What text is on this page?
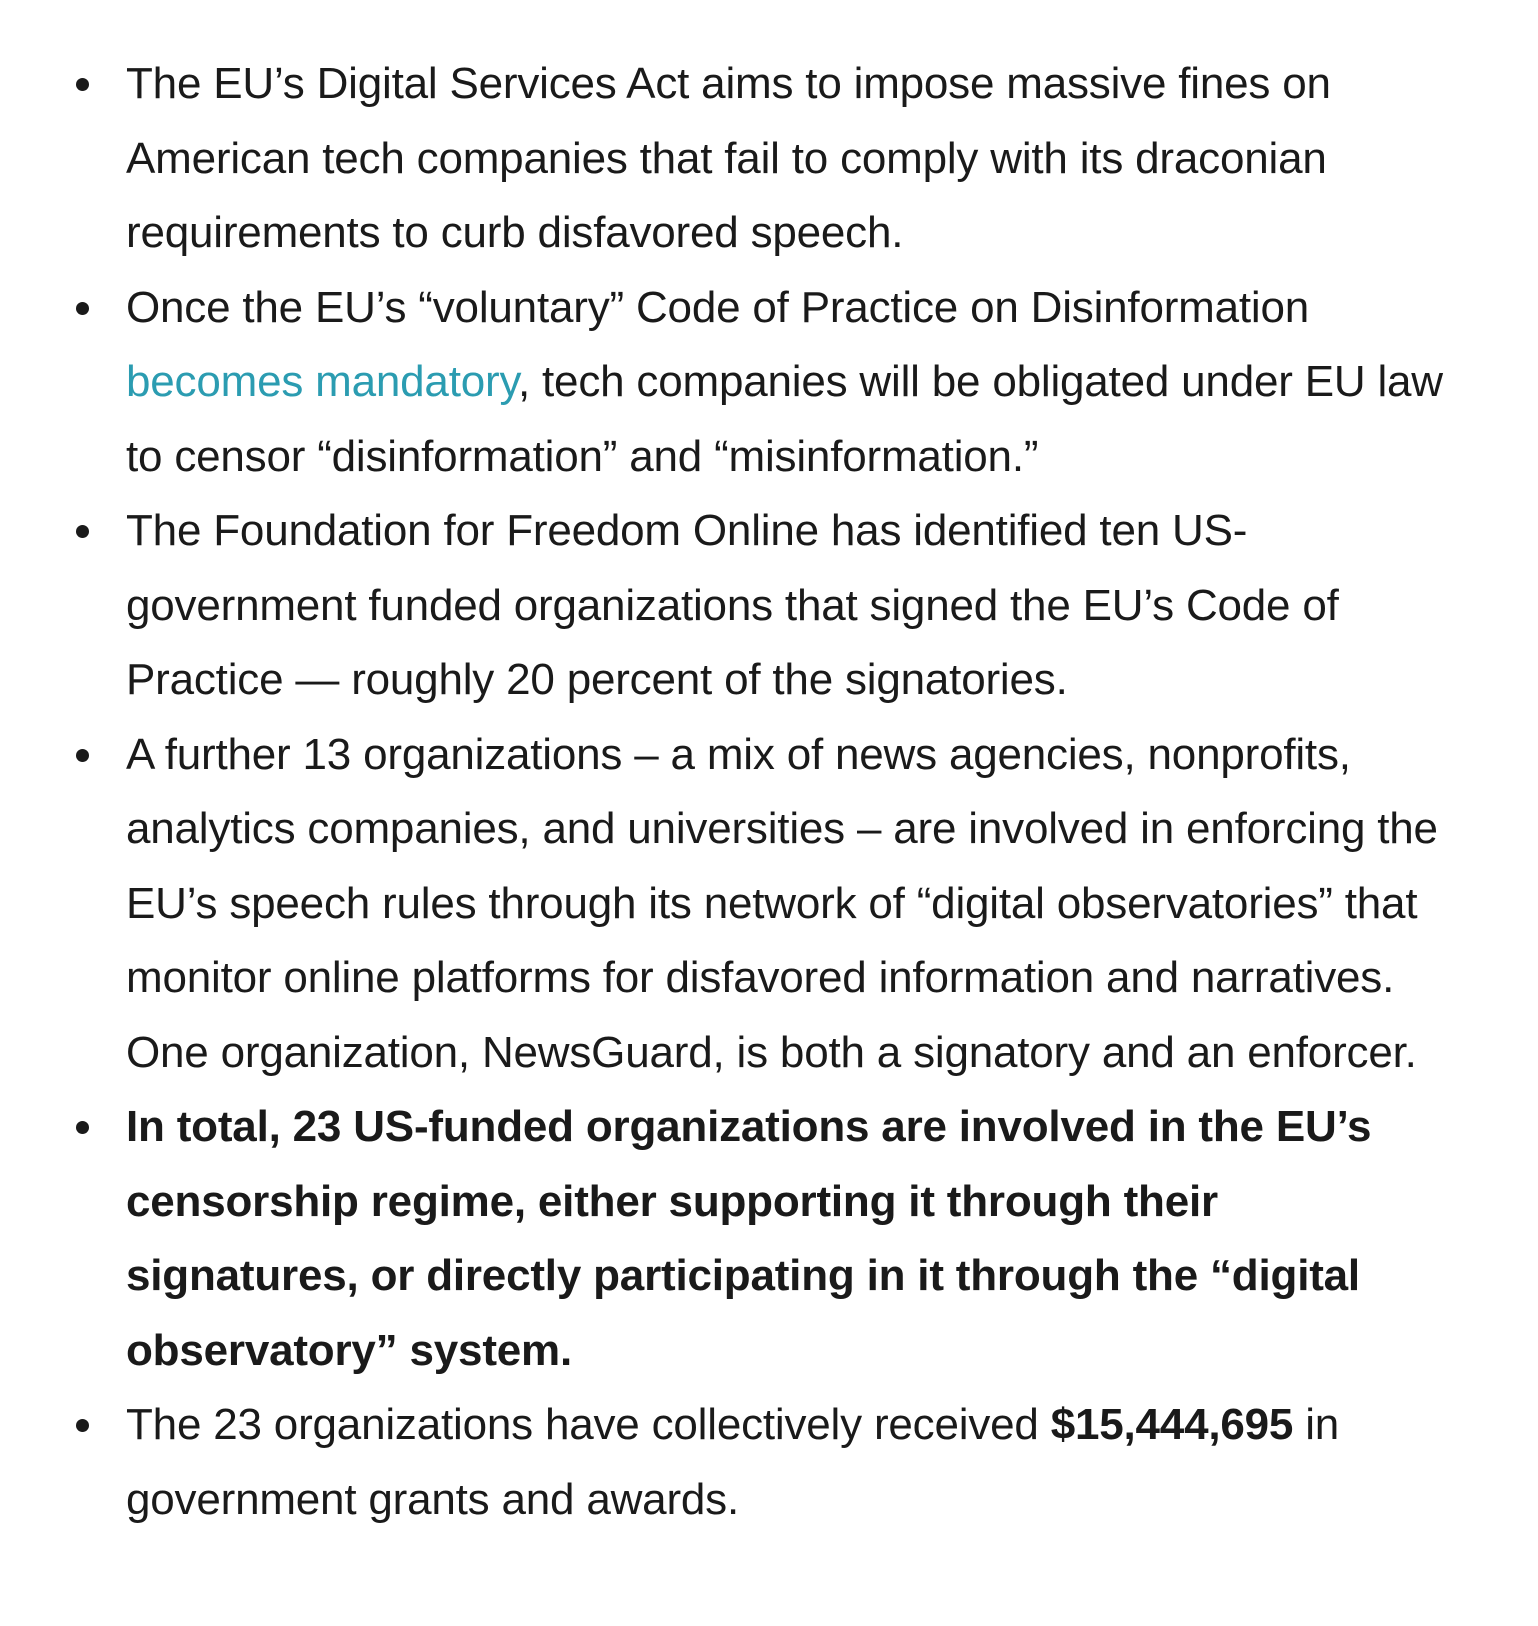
The EU’s Digital Services Act aims to impose massive fines on American tech companies that fail to comply with its draconian requirements to curb disfavored speech.
Once the EU’s “voluntary” Code of Practice on Disinformation becomes mandatory, tech companies will be obligated under EU law to censor “disinformation” and “misinformation.”
The Foundation for Freedom Online has identified ten US-government funded organizations that signed the EU’s Code of Practice — roughly 20 percent of the signatories.
A further 13 organizations – a mix of news agencies, nonprofits, analytics companies, and universities – are involved in enforcing the EU’s speech rules through its network of “digital observatories” that monitor online platforms for disfavored information and narratives. One organization, NewsGuard, is both a signatory and an enforcer.
In total, 23 US-funded organizations are involved in the EU’s censorship regime, either supporting it through their signatures, or directly participating in it through the “digital observatory” system.
The 23 organizations have collectively received $15,444,695 in government grants and awards.
